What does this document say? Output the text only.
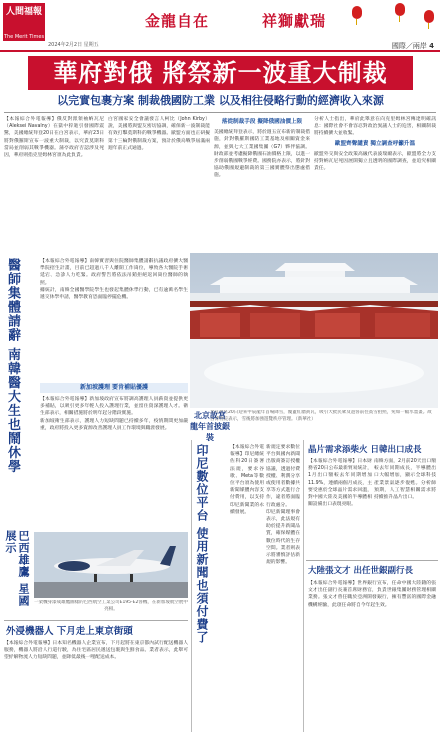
人間福報
The Merit Times
2024年2月2日 星期五
金龍自在	祥獅獻瑞
國際／兩岸 4
華府對俄 將祭新一波重大制裁
以完實包裹方案 制裁俄國防工業 以及相往侵略行動的經濟收入來源

【本報綜合外電報導】俄反對派領袖納瓦尼（Aleksei Navalny）在獄中猝逝引發國際震驚，美國總統拜登20日在白宮表示，華府23日將對俄羅斯宣布一波重大制裁，以究責莫斯科當局並削弱其戰爭機器。蒲亭政府否認涉及死因，華府則指克里姆林宮須為此負責。

白宮國家安全會議發言人柯比（John Kirby）說，美國將與盟友密切協調，確保新一波制裁能有效打擊莫斯科的戰爭機器。歐盟方面也正研擬第十三輪對俄制裁方案，預計於俄烏戰爭屆滿兩週年前正式通過。

落從制裁手段 擬降俄國油價上限

美國總統拜登表示，將於週五宣布新的制裁措施，針對俄羅斯國防工業基地及相關資金來源，並與七大工業國集團（G7）夥伴協調。財政部並考慮擬降俄國石油價格上限，以進一步削弱俄國戰爭經費。國務院亦表示，將針對協助俄國規避制裁的第三國實體祭出懲處措施。

分析人士指出，華府此舉意在向克里姆林宮傳達明確訊息：國際社會不會容忍對政治異議人士的迫害，相關制裁將持續擴大並收緊。

歐盟齊聲譴責 獨立調查呼籲升溫

歐盟外交與安全政策高級代表波瑞爾表示，歐盟將全力支持對納瓦尼死因展開獨立且透明的國際調查，並追究相關責任。

醫師集體請辭 南韓醫大生也鬧休學	【本報綜合外電報導】南韓實習與住院醫師集體請辭抗議政府擴大醫學院招生計畫，目前已超過八千人離開工作崗位，導致各大醫院手術延宕、急診人力吃緊。政府警告將依法吊銷拒絕返回崗位醫師的執照。

據統計，南韓全國醫學院學生也發起集體休學行動，已有逾萬名學生遞交休學申請，醫學教育恐面臨停擺危機。

新加坡護理 要肯補貼優護

【本報綜合外電報導】新加坡政府宣布將調高護理人員薪資並提供更多補貼，以吸引更多年輕人投入護理行業，並留住資深護理人才。衛生部表示，相關措施將於明年起分階段實施。

新加坡衛生部表示，護理人力短缺問題已持續多年，疫情期間更加嚴重，政府將投入更多資源改善護理人員工作環境與職涯發展。

北京故宮20日迎來甲辰龍年首場降雪，覆蓋紅牆黃瓦，吸引大批民眾及遊客前往賞雪拍照，宛如一幅水墨畫。故宮博物院表示，雪後將加強遊覽秩序管理。（新華社）
北京故宮
龍年首披銀裝
巴西雄鷹 星國展示
一架機身漆成雄鷹圖樣的巴西航空工業公司E195-E2客機，在新加坡航空展中亮相。
外浸機器人 下月走上東京街頭

【本報綜合外電報導】日本知名機器人企業宣布，下月起將在東京都內試行配送機器人服務，機器人將沿人行道行駛，為住宅區居民遞送包裹與生鮮食品。業者表示，此舉可望紓解物流人力短缺問題，並降低最後一哩配送成本。

印尼數位平台 使用新聞也須付費了	【本報綜合外電報導】印尼總統佐科20日簽署法規，要求谷歌、Meta等數位平台須為使用新聞媒體內容支付費用，以支持印尼新聞業的永續發展。

新規定要求數位平台與國內新聞出版商簽訂授權協議，透過付費授權、利潤分享或使用者數據共享等方式進行合作，違者將面臨行政處分。

印尼新聞理事會表示，此法規有助於提升新聞品質，確保媒體在數位時代的生存空間。業者則表示將審慎評估新規的影響。

晶片需求添柴火 日韓出口成長

【本報綜合外電報導】日本財務省20日公布最新貿易統計，1月出口額較去年同期增加11.9%，連續兩個月成長，主要受惠於全球晶片需求回溫，對中國大陸及美國的半導體相關設備出口表現亮眼。

南韓方面，2月前20天出口額較去年同期成長，半導體出口大幅增加，顯示全球科技產業景氣逐步復甦。分析師預期，人工智慧相關需求將持續推升晶片出口。

大陸張文才 出任世銀副行長

【本報綜合外電報導】世界銀行宣布，任命中國大陸籍的張文才出任副行長兼首席財務官，負責世銀集團財務管理相關業務。張文才曾任職於亞洲開發銀行，擁有豐富的國際金融機構經驗，此項任命將自今年起生效。
